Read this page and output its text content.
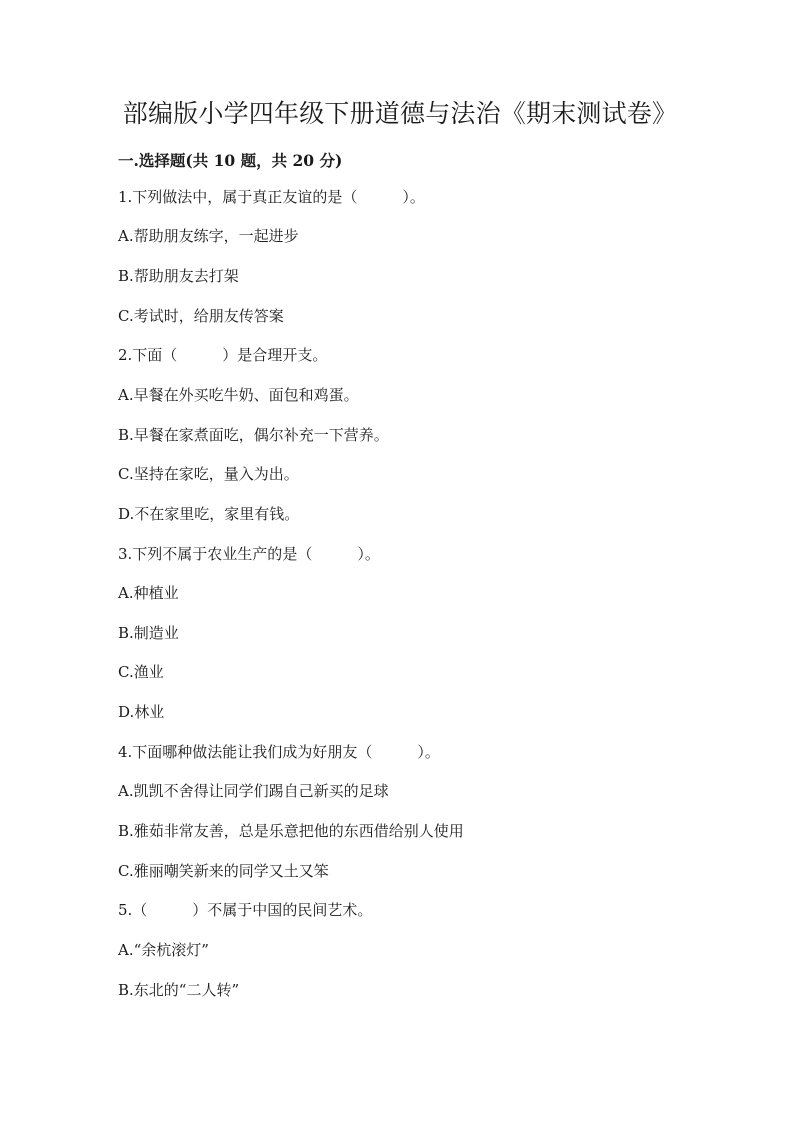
部编版小学四年级下册道德与法治《期末测试卷》
一.选择题(共 10 题，共 20 分)
1.下列做法中，属于真正友谊的是（　　　）。
A.帮助朋友练字，一起进步
B.帮助朋友去打架
C.考试时，给朋友传答案
2.下面（　　　）是合理开支。
A.早餐在外买吃牛奶、面包和鸡蛋。
B.早餐在家煮面吃，偶尔补充一下营养。
C.坚持在家吃，量入为出。
D.不在家里吃，家里有钱。
3.下列不属于农业生产的是（　　　）。
A.种植业
B.制造业
C.渔业
D.林业
4.下面哪种做法能让我们成为好朋友（　　　）。
A.凯凯不舍得让同学们踢自己新买的足球
B.雅茹非常友善，总是乐意把他的东西借给别人使用
C.雅丽嘲笑新来的同学又土又笨
5.（　　　）不属于中国的民间艺术。
A.“余杭滚灯”
B.东北的“二人转”
